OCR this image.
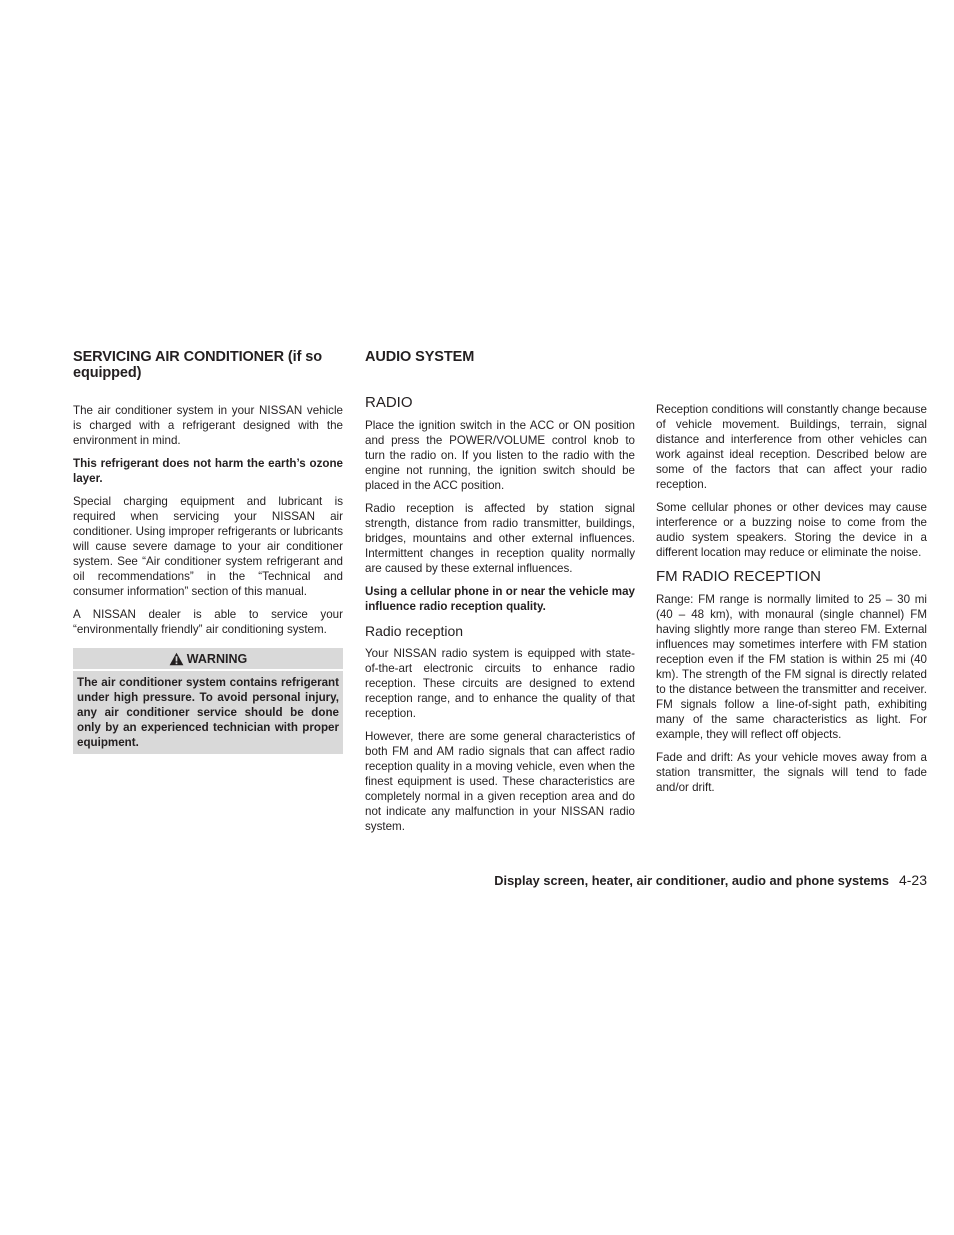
SERVICING AIR CONDITIONER (if so equipped)

The air conditioner system in your NISSAN vehicle is charged with a refrigerant designed with the environment in mind.

This refrigerant does not harm the earth’s ozone layer.

Special charging equipment and lubricant is required when servicing your NISSAN air conditioner. Using improper refrigerants or lubricants will cause severe damage to your air conditioner system. See “Air conditioner system refrigerant and oil recommendations” in the “Technical and consumer information” section of this manual.

A NISSAN dealer is able to service your “environmentally friendly” air conditioning system.

WARNING

The air conditioner system contains refrigerant under high pressure. To avoid personal injury, any air conditioner service should be done only by an experienced technician with proper equipment.

AUDIO SYSTEM
RADIO

Place the ignition switch in the ACC or ON position and press the POWER/VOLUME control knob to turn the radio on. If you listen to the radio with the engine not running, the ignition switch should be placed in the ACC position.

Radio reception is affected by station signal strength, distance from radio transmitter, buildings, bridges, mountains and other external influences. Intermittent changes in reception quality normally are caused by these external influences.

Using a cellular phone in or near the vehicle may influence radio reception quality.

Radio reception

Your NISSAN radio system is equipped with state-of-the-art electronic circuits to enhance radio reception. These circuits are designed to extend reception range, and to enhance the quality of that reception.

However, there are some general characteristics of both FM and AM radio signals that can affect radio reception quality in a moving vehicle, even when the finest equipment is used. These characteristics are completely normal in a given reception area and do not indicate any malfunction in your NISSAN radio system.

Reception conditions will constantly change because of vehicle movement. Buildings, terrain, signal distance and interference from other vehicles can work against ideal reception. Described below are some of the factors that can affect your radio reception.

Some cellular phones or other devices may cause interference or a buzzing noise to come from the audio system speakers. Storing the device in a different location may reduce or eliminate the noise.

FM RADIO RECEPTION

Range: FM range is normally limited to 25 – 30 mi (40 – 48 km), with monaural (single channel) FM having slightly more range than stereo FM. External influences may sometimes interfere with FM station reception even if the FM station is within 25 mi (40 km). The strength of the FM signal is directly related to the distance between the transmitter and receiver. FM signals follow a line-of-sight path, exhibiting many of the same characteristics as light. For example, they will reflect off objects.

Fade and drift: As your vehicle moves away from a station transmitter, the signals will tend to fade and/or drift.

Display screen, heater, air conditioner, audio and phone systems 4-23
